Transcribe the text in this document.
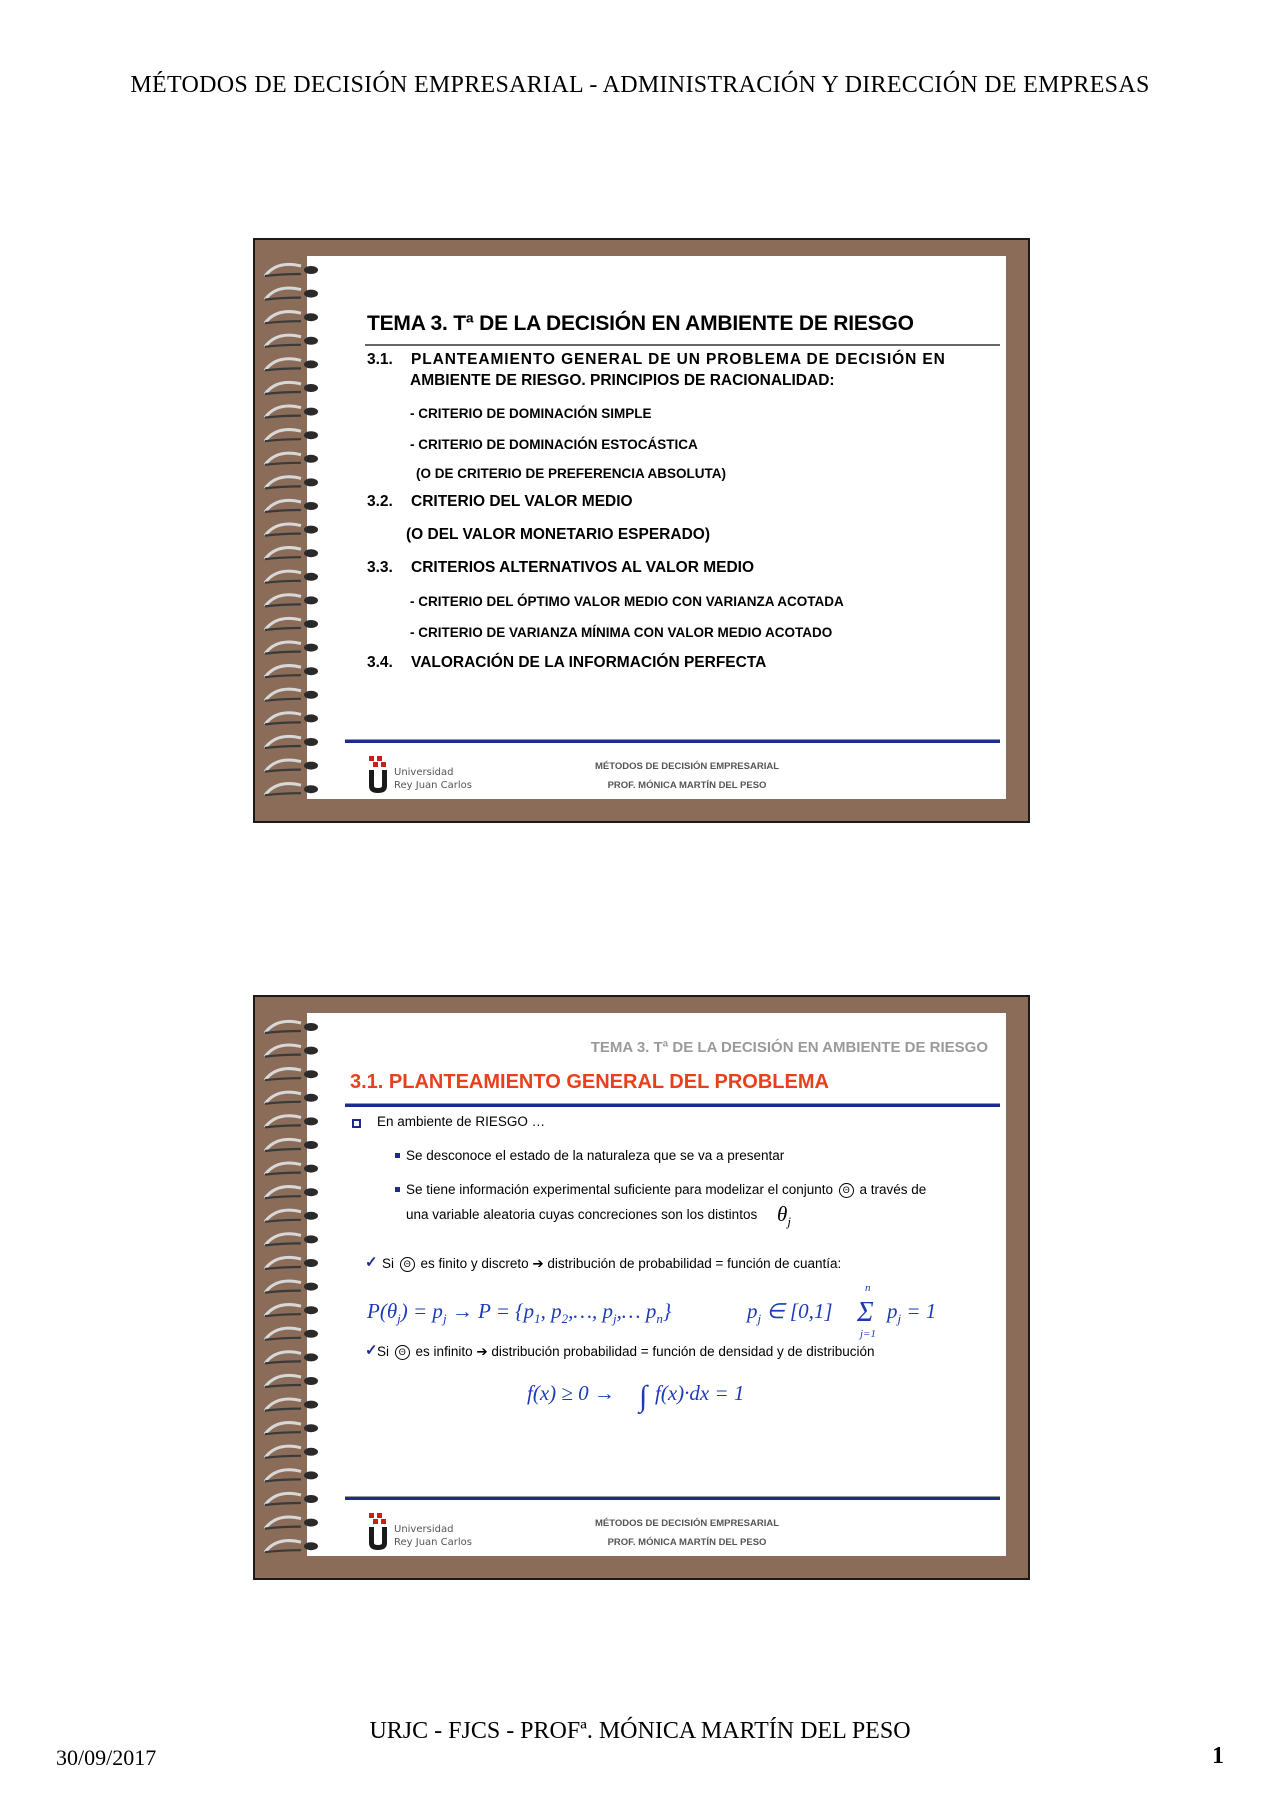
MÉTODOS DE DECISIÓN EMPRESARIAL - ADMINISTRACIÓN Y DIRECCIÓN DE EMPRESAS
TEMA 3. Tª DE LA DECISIÓN EN AMBIENTE DE RIESGO
3.1. PLANTEAMIENTO GENERAL DE UN PROBLEMA DE DECISIÓN EN
AMBIENTE DE RIESGO. PRINCIPIOS DE RACIONALIDAD:
- CRITERIO DE DOMINACIÓN SIMPLE
- CRITERIO DE DOMINACIÓN ESTOCÁSTICA
(O DE CRITERIO DE PREFERENCIA ABSOLUTA)
3.2. CRITERIO DEL VALOR MEDIO
(O DEL VALOR MONETARIO ESPERADO)
3.3. CRITERIOS ALTERNATIVOS AL VALOR MEDIO
- CRITERIO DEL ÓPTIMO VALOR MEDIO CON VARIANZA ACOTADA
- CRITERIO DE VARIANZA MÍNIMA CON VALOR MEDIO ACOTADO
3.4. VALORACIÓN DE LA INFORMACIÓN PERFECTA
Universidad
Rey Juan Carlos
MÉTODOS DE DECISIÓN EMPRESARIAL
PROF. MÓNICA MARTÍN DEL PESO
TEMA 3. Tª DE LA DECISIÓN EN AMBIENTE DE RIESGO
3.1. PLANTEAMIENTO GENERAL DEL PROBLEMA
En ambiente de RIESGO …
Se desconoce el estado de la naturaleza que se va a presentar
Se tiene información experimental suficiente para modelizar el conjunto Θ a través de
una variable aleatoria cuyas concreciones son los distintos $\theta_j$
✓ Si Θ es finito y discreto ➔ distribución de probabilidad = función de cuantía:
$P(\theta_j) = p_j \to P = \{p_1$, $p_2,\dots$, $p_j,\dots$ $p_n$}	$p_j$ ∈ [0,1]
n
Σ
j=1
$p_j = 1$
✓ Si Θ es infinito ➔ distribución probabilidad = función de densidad y de distribución
f(x) ≥ 0 → ∫ f(x)·dx = 1
Universidad
Rey Juan Carlos
MÉTODOS DE DECISIÓN EMPRESARIAL
PROF. MÓNICA MARTÍN DEL PESO
URJC - FJCS - PROFª. MÓNICA MARTÍN DEL PESO
30/09/2017	1
